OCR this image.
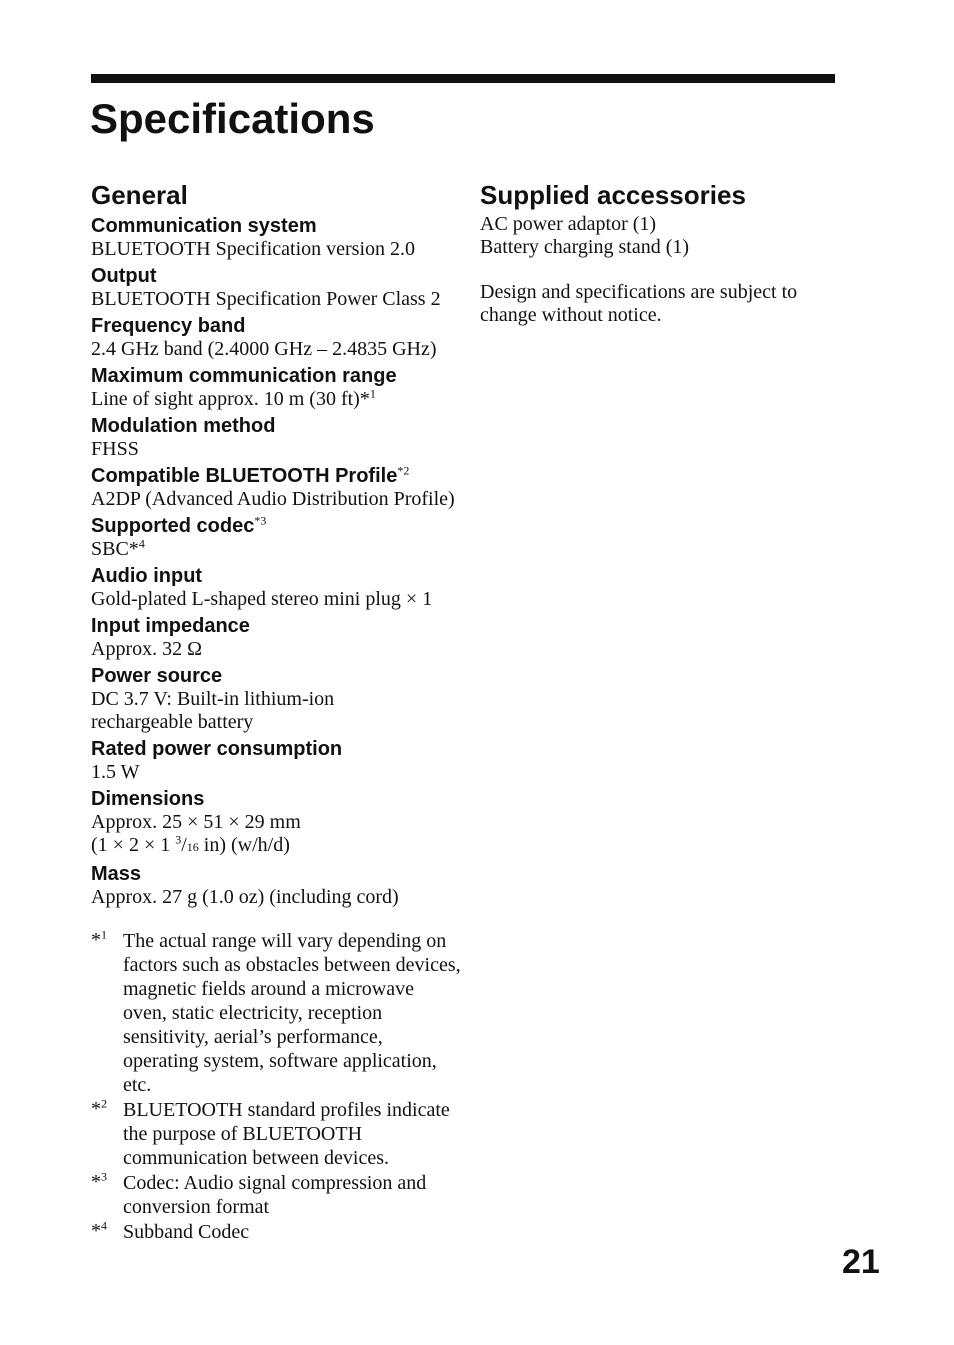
Specifications
General
Communication system
BLUETOOTH Specification version 2.0
Output
BLUETOOTH Specification Power Class 2
Frequency band
2.4 GHz band (2.4000 GHz – 2.4835 GHz)
Maximum communication range
Line of sight approx. 10 m (30 ft)*$^1$
Modulation method
FHSS
Compatible BLUETOOTH Profile$^{*2}$
A2DP (Advanced Audio Distribution Profile)
Supported codec$^{*3}$
SBC*$^4$
Audio input
Gold-plated L-shaped stereo mini plug × 1
Input impedance
Approx. 32 Ω
Power source
DC 3.7 V: Built-in lithium-ion rechargeable battery
Rated power consumption
1.5 W
Dimensions
Approx. 25 × 51 × 29 mm
(1 × 2 × 1 $^3$/16 in) (w/h/d)
Mass
Approx. 27 g (1.0 oz) (including cord)
*$^1$ The actual range will vary depending on factors such as obstacles between devices, magnetic fields around a microwave oven, static electricity, reception sensitivity, aerial’s performance, operating system, software application, etc.
*$^2$ BLUETOOTH standard profiles indicate the purpose of BLUETOOTH communication between devices.
*$^3$ Codec: Audio signal compression and conversion format
*$^4$ Subband Codec
Supplied accessories
AC power adaptor (1)
Battery charging stand (1)
Design and specifications are subject to change without notice.
21
